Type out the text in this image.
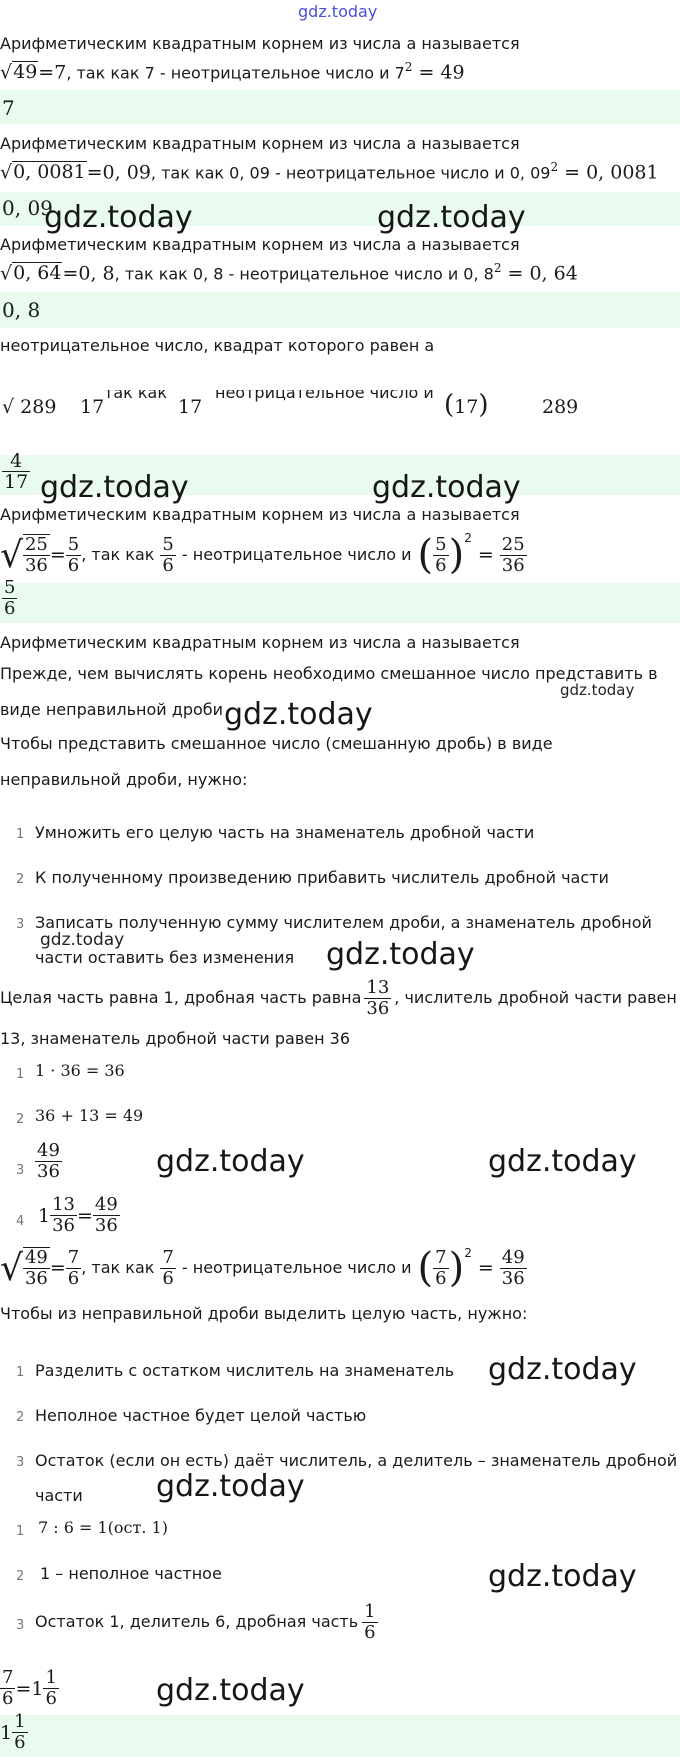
gdz.today
Арифметическим квадратным корнем из числа a называется
√49=7, так как 7 - неотрицательное число и $7^2 = 49$
7
Арифметическим квадратным корнем из числа a называется
√0, 0081=0, 09, так как 0, 09 - неотрицательное число и 0, $09^2 = 0$, 0081
0, 09
gdz.today	gdz.today
Арифметическим квадратным корнем из числа a называется
√0, 64=0, 8, так как 0, 8 - неотрицательное число и 0, $8^2 = 0$, 64
0, 8
неотрицательное число, квадрат которого равен a
√ 289 17
так как
17
неотрицательное число и (17)	289
$\frac{4}{17}$ gdz.today	gdz.today
Арифметическим квадратным корнем из числа a называется
√ $\frac{25}{36} = \frac{5}{6}$ , так как $\frac{5}{6}$ - неотрицательное число и ( $\frac{5}{6} )^2$
= $\frac{25}{36}$
$\frac{5}{6}$
Арифметическим квадратным корнем из числа a называется
Прежде, чем вычислять корень необходимо смешанное число представить в
виде неправильной дроби
gdz.today
gdz.today
Чтобы представить смешанное число (смешанную дробь) в виде
неправильной дроби, нужно:
1 Умножить его целую часть на знаменатель дробной части
2 К полученному произведению прибавить числитель дробной части
3 Записать полученную сумму числителем дроби, а знаменатель дробной
части оставить без изменения
gdz.today	gdz.today
Целая часть равна 1, дробная часть равна $\frac{13}{36}$ , числитель дробной части равен
13, знаменатель дробной части равен 36
1 1 · 36 = 36
2 36 + 13 = 49
$3 \frac{49}{36}$	gdz.today	gdz.today
4 $1 \frac{13}{36} = \frac{49}{36}$
√ $\frac{49}{36} = \frac{7}{6}$ , так как $\frac{7}{6}$ - неотрицательное число и ( $\frac{7}{6} )^2$
= $\frac{49}{36}$
Чтобы из неправильной дроби выделить целую часть, нужно:
1 Разделить с остатком числитель на знаменатель gdz.today
2 Неполное частное будет целой частью
3 Остаток (если он есть) даёт числитель, а делитель – знаменатель дробной
части gdz.today
1 7 : 6 = 1(ост. 1)
2 1 – неполное частное	gdz.today
3 Остаток 1, делитель 6, дробная часть $\frac{1}{6}$
$\frac{7}{6} =1 \frac{1}{6}$	gdz.today
$1 \frac{1}{6}$
